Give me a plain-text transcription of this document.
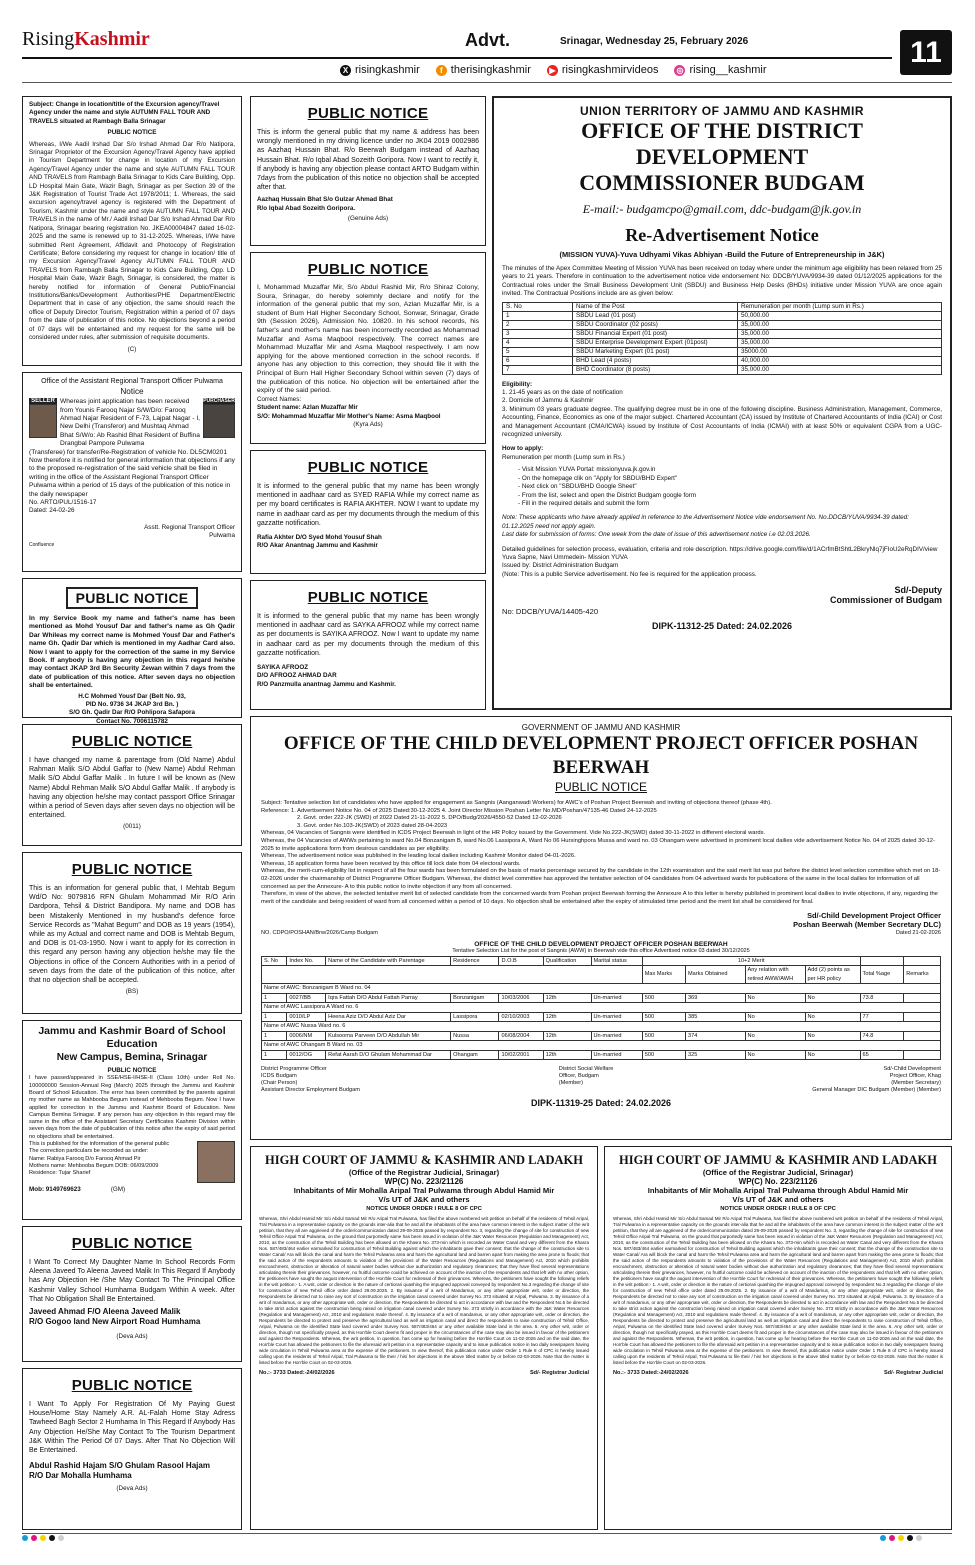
RisingKashmir	Advt.	Srinagar, Wednesday 25, February 2026	11
X risingkashmir	f therisingkashmir	▶ risingkashmirvideos ◎ rising__kashmir

Subject: Change in location/title of the Excursion agency/Travel Agency under the name and style AUTUMN FALL TOUR AND TRAVELS situated at Rambagh Balla Srinagar

PUBLIC NOTICE

Whereas, I/We Aadil Irshad Dar S/o Irshad Ahmad Dar R/o Natipora, Srinagar Proprietor of the Excursion Agency/Travel Agency have applied in Tourism Department for change in location of my Excursion Agency/Travel Agency under the name and style AUTUMN FALL TOUR AND TRAVELS from Rambagh Balla Srinagar to Kids Care Building, Opp. LD Hospital Main Gate, Wazir Bagh, Srinagar as per Section 39 of the J&K Registration of Tourist Trade Act 1978/2011; 1. Whereas, the said excursion agency/travel agency is registered with the Department of Tourism, Kashmir under the name and style AUTUMN FALL TOUR AND TRAVELS in the name of Mr./ Aadil Irshad Dar S/o Irshad Ahmad Dar R/o Natipora, Srinagar bearing registration No. JKEA00004847 dated 16-02-2025 and the same is renewed up to 31-12-2025. Whereas, I/We have submitted Rent Agreement, Affidavit and Photocopy of Registration Certificate; Before considering my request for change in location/ title of my Excursion Agency/Travel Agency AUTUMN FALL TOUR AND TRAVELS from Rambagh Balla Srinagar to Kids Care Building, Opp. LD Hospital Main Gate, Wazir Bagh, Srinagar, is considered, the matter is hereby notified for information of General Public/Financial Institutions/Banks/Development Authorities/PHE Department/Electric Department that in case of any objection, the same should reach the office of Deputy Director Tourism, Registration within a period of 07 days from the date of publication of this notice. No objections beyond a period of 07 days will be entertained and my request for the same will be considered under rules, after submission of requisite documents.

(C)

Office of the Assistant Regional Transport Officer Pulwama

Notice

SELLER Whereas joint application has been received from Younis Farooq Najar S/W/D/o: Farooq Ahmad Najar Resident of F-73, Lajpat Nagar - I, New Delhi (Transferor) and Mushtaq Ahmad Bhat S/W/o: Ab Rashid Bhat Resident of Buffina Drangbal Pampore Pulwama

PURCHASER

(Transferee) for transfer/Re-Registration of vehicle No. DL5CM0201 Now therefore it is notified for general information that objections if any to the proposed re-registration of the said vehicle shall be filed in writing in the office of the Assistant Regional Transport Officer Pulwama within a period of 15 days of the publication of this notice in the daily newspaper

No. ARTO/PUL/1516-17

Dated: 24-02-26

Asstt. Regional Transport Officer Pulwama

Confluence

PUBLIC NOTICE

In my Service Book my name and father's name has been mentioned as Mohd Yousuf Dar and father's name as Gh Qadir Dar Whileas my correct name is Mohmed Yousf Dar and Father's name Gh. Qadir Dar which is mentioned in my Aadhar Card also. Now I want to apply for the correction of the same in my Service Book. If anybody is having any objection in this regard he/she may contact JKAP 3rd Bn Security Zewan within 7 days from the date of publication of this notice. After seven days no objection shall be entertained.

H.C Mohmed Yousf Dar (Belt No. 93,

PID No. 9736 34 JKAP 3rd Bn. )

S/O Gh. Qadir Dar R/O Pohlipora Safapora

Contact No. 7006115782

PUBLIC NOTICE

I have changed my name & parentage from (Old Name) Abdul Rahman Malik S/O Abdul Gaffar to (New Name) Abdul Rehman Malik S/O Abdul Gaffar Malik . In future I will be known as (New Name) Abdul Rehman Malik S/O Abdul Gaffar Malik . If anybody is having any objection he/she may contact passport Office Srinagar within a period of Seven days after seven days no objection will be entertained.

(0011)

PUBLIC NOTICE

This is an information for general public that, I Mehtab Begum Wd/O No: 9079816 RFN Ghulam Mohammad Mir R/O Arin Dardpora, Tehsil & District Bandipora. My name and DOB has been Mistakenly Mentioned in my husband's defence force Service Records as "Mahat Begum" and DOB as 19 years (1954), while as my Actual and correct name and DOB is Mehtab Begum, and DOB is 01-03-1950. Now i want to apply for its correction in this regard any person having any objection he/she may file the Objections in office of the Concern Authorities with in a period of seven days from the date of the publication of this notice, after that no objection shall be accepted.

(BS)

Jammu and Kashmir Board of School Education

New Campus, Bemina, Srinagar

PUBLIC NOTICE

I have passed/appeared in SSE/HSE-I/HSE-II (Class 10th) under Roll No. 100000000 Session-Annual Reg (March) 2025 through the Jammu and Kashmir Board of School Education. The error has been committed by the parents against my mother name as Mahbooba Begum instead of Mehbooba Begum. Now I have applied for correction in the Jammu and Kashmir Board of Education. New Campus Bemina Srinagar. If any person has any objection in this regard may file same in the office of the Assistant Secretary Certificates Kashmir Division within seven days from the date of publication of this notice after the expiry of said period no objections shall be entertained.

This is published for the information of the general public

The correction particulars be recorded as under:

Name: Rabiya Farooq D/o Farooq Ahmad Pir

Mothers name: Mehbooba Begum DOB: 06/09/2009

Residence: Tujar Sharief

Mob: 9149769623	(GM)

PUBLIC NOTICE

I Want To Correct My Daughter Name In School Records Form Aleena Javeed To Aleena Javeed Malik In This Regard If Anybody has Any Objection He /She May Contact To The Principal Office Kashmir Valley School Humhama Budgam Within A week. After That No Obligation Shall Be Entertained.

Javeed Ahmad F/O Aleena Javeed Malik

R/O Gogoo land New Airport Road Humhama

(Deva Ads)

PUBLIC NOTICE

I Want To Apply For Registration Of My Paying Guest House/Home Stay Namely A.R. AL-Falah Home Stay Adress Tawheed Bagh Sector 2 Humhama In This Regard If Anybody Has Any Objection He/She May Contact To The Tourism Department J&K Within The Period Of 07 Days. After That No Objection Will Be Entertained.

Abdul Rashid Hajam S/O Ghulam Rasool Hajam

R/O Dar Mohalla Humhama

(Deva Ads)

PUBLIC NOTICE

This is inform the general public that my name & address has been wrongly mentioned in my driving licence under no JK04 2019 0002986 as Aazhaq Hussain Bhat. R/o Beerwah Budgam instead of Aazhaq Hussain Bhat. R/o Iqbal Abad Sozeith Goripora. Now I want to rectify it, If anybody is having any objection please contact ARTO Budgam within 7days from the publication of this notice no objection shall be accepted after that.

Aazhaq Hussain Bhat S/o Gulzar Ahmad Bhat

R/o Iqbal Abad Sozeith Goripora.

(Genuine Ads)

PUBLIC NOTICE

I, Mohammad Muzaffar Mir, S/o Abdul Rashid Mir, R/o Shiraz Colony, Soura, Srinagar, do hereby solemnly declare and notify for the information of the general public that my son, Azlan Muzaffar Mir, is a student of Bum Hall Higher Secondary School, Sonwar, Srinagar, Grade 9th (Session 2026), Admission No. 10820. In his school records, his father's and mother's name has been incorrectly recorded as Mohammad Muzaffar and Asma Maqbool respectively. The correct names are Mohammad Muzaffar Mir and Asma Maqbool respectively. I am now applying for the above mentioned correction in the school records. If anyone has any objection to this correction, they should file it with the Principal of Burn Hall Higher Secondary School within seven (7) days of the publication of this notice. No objection will be entertained after the expiry of the said period.

Correct Names:

Student name: Azlan Muzaffar Mir

S/O: Mohammad Muzaffar Mir Mother's Name: Asma Maqbool

(Kyra Ads)

PUBLIC NOTICE

It is informed to the general public that my name has been wrongly mentioned in aadhaar card as SYED RAFIA While my correct name as per my board certificates is RAFIA AKHTER. NOW I want to update my name in aadhaar card as per my documents through the medium of this gazzatte notification.

Rafia Akhter D/O Syed Mohd Yousuf Shah

R/O Akar Anantnag Jammu and Kashmir

PUBLIC NOTICE

It is informed to the general public that my name has been wrongly mentioned in aadhaar card as SAYKA AFROOZ while my correct name as per documents is SAYIKA AFROOZ. Now I want to update my name in aadhaar card as per my documents through the medium of this gazzatte notification.

SAYIKA AFROOZ

D/O AFROOZ AHMAD DAR

R/O Panzmulla anantnag Jammu and Kashmir.

UNION TERRITORY OF JAMMU AND KASHMIR

OFFICE OF THE DISTRICT DEVELOPMENT

COMMISSIONER BUDGAM

E-mail:- budgamcpo@gmail.com, ddc-budgam@jk.gov.in

Re-Advertisement Notice

(MISSION YUVA)-Yuva Udhyami Vikas Abhiyan -Build the Future of Entrepreneurship in J&K)

The minutes of the Apex Committee Meeting of Mission YUVA has been received on today where under the minimum age eligibility has been relaxed from 25 years to 21 years. Therefore in continuation to the advertisement notice vide endorsement No: DDCB/YUVA/9934-39 dated 01/12/2025 applications for the Contractual roles under the Small Business Development Unit (SBDU) and Business Help Desks (BHDs) initiative under Mission YUVA are once again invited. The Contractual Positions include are as given below:

S. No	Name of the Post	Remuneration per month (Lump sum in Rs.)
1	SBDU Lead (01 post)	50,000.00
2	SBDU Coordinator (02 posts)	35,000.00
3	SBDU Financial Expert (01 post)	35,000.00
4	SBDU Enterprise Development Expert (01post)	35,000.00
5	SBDU Marketing Expert (01 post)	35000.00
6	BHD Lead (4 posts)	40,000.00
7	BHD Coordinator (8 posts)	35,000.00

Eligibility:

1. 21-45 years as on the date of notification

2. Domicile of Jammu & Kashmir

3. Minimum 03 years graduate degree. The qualifying degree must be in one of the following discipline. Business Administration, Management, Commerce, Accounting, Finance, Economics as one of the major subject. Chartered Accountant (CA) issued by Institute of Chartered Accountants of India (ICAI) or Cost and Management Accountant (CMA/ICWA) issued by Institute of Cost Accountants of India (ICMAI) with at least 50% or equivalent CGPA from a UGC-recognized university.

How to apply:

Remuneration per month (Lump sum in Rs.)

- Visit Mission YUVA Portal: missionyuva.jk.gov.in

- On the homepage clik on "Apply for SBDU/BHD Expert"

- Next click on "SBDU/BHD Google Sheet"

- From the list, select and open the District Budgam google form

- Fill in the required details and submit the form

Note: These applicants who have already applied in reference to the Advertisement Notice vide endorsement No. No.DDCB/YUVA/9934-39 dated: 01.12.2025 need not apply again.

Last date for submission of forms: One week from the date of issue of this advertisement notice i.e 02.03.2026.

Detailed guidelines for selection process, evaluation, criteria and role description. https://drive.google.com/file/d/1ACrfmBtShtL2BkryNlq7jFIoU2eRqDIV/view

Yuva Sapne, Navi Ummedein- Mission YUVA

Issued by: District Administration Budgam

(Note: This is a public Service advertisement. No fee is required for the application process.

Sd/-Deputy

Commissioner of Budgam

No: DDCB/YUVA/14405-420

DIPK-11312-25 Dated: 24.02.2026

GOVERNMENT OF JAMMU AND KASHMIR

OFFICE OF THE CHILD DEVELOPMENT PROJECT OFFICER POSHAN BEERWAH

PUBLIC NOTICE

Subject: Tentative selection list of candidates who have applied for engagement as Sangnis (Aanganwadi Workers) for AWC's of Poshan Project Beerwah and inviting of objections thereof (phase 4th).

Reference: 1. Advertisement Notice No. 04 of 2025 Dated:30-12-2025 4. Joint Director Mission Poshan Letter No.MD/Poshan/47135-46 Dated 24-12-2025

2. Govt. order 222-JK (SWD) of 2022 Dated 21-11-2022 5. DPO/Budg/2026/4550-52 Dated 12-02-2026

3. Govt. order No.103-JK(SWD) of 2023 dated 28-04-2023

Whereas, 04 Vacancies of Sangnis were identified in ICDS Project Beerwah in light of the HR Policy issued by the Government. Vide No.222-JK(SWD) dated 30-11-2022 in different electoral wards.

Whereas, the 04 Vacancies of AWWs pertaining to ward No.04 Bonzanigam B, ward No.06 Lassipora A, Ward No 06 Hursinghpora Mussa and ward no. 03 Ohangam were advertised in prominent local dailies vide advertisement Notice No. 04 of 2025 dated 30-12-2025 to invite applications form from desirous candidates as per eligibility.

Whereas, The advertisement notice was published in the leading local dailies including Kashmir Monitor dated 04-01-2026.

Whereas, 18 application forms have been received by this office till lock date from 04 electoral wards.

Whereas, the merit-cum-eligibility list in respect of all the four wards has been formulated on the basis of marks percentage secured by the candidate in the 12th examination and the said merit list was put before the district level selection committee which met on 18-02-2026 under the chairmanship of District Programme Officer Budgam. Whereas, the district level committee has approved the tentative selection of 04 candidates from 04 advertised wards for publications of the same in the local dailies for information of all concerned as per the Annexure- A to this public notice to invite objection if any from all concerned.

Therefore, in view of the above, the selected tentative merit list of selected candidate from the concerned wards from Poshan project Beerwah forming the Annexure A to this letter is hereby published in prominent local dailies to invite objections, if any, regarding the merit of the candidate and being resident of ward from all concerned within a period of 10 days. No objection shall be entertained after the expiry of stimulated time period and the merit list shall be considered for final.

Sd/-Child Development Project Officer

Poshan Beerwah (Member Secretary DLC)

NO. CDPO/POSHAN/Brw/2026/Camp Budgam	Dated 21-02-2026

OFFICE OF THE CHILD DEVELOPMENT PROJECT OFFICER POSHAN BEERWAH

Tentative Selection List for the post of Sangnis (AWW) in Beerwah vide this office Advertised notice 03 dated 30/12/2025

S. No	Index No.	Name of the Candidate with Parentage	Residence	D.O.B	Qualification	Marital status	10+2 Merit					
							Max Marks	Marks Obtained	Any relation with retired AWW/AWH	Add (2) points as per HR policy	Total %age	Remarks
Name of AWC: Bonzanigam B Ward no. 04												
1	0027/BB	Iqra Fattah D/O Abdul Fattah Parray	Bonzanigam	10/03/2006	12th	Un-married	500	369	No	No	73.8	
Name of AWC Lassipora A Ward no. 6												
1	0010/LP	Heena Aziz D/O Abdul Aziz Dar	Lassipora	02/10/2003	12th	Un-married	500	385	No	No	77	
Name of AWC Nussa Ward no. 6												
1	0006/NM	Kulsooma Parveen D/O Abdullah Mir	Nussa	06/08/2004	12th	Un-married	500	374	No	No	74.8	
Name of AWC Ohangam B Ward no. 03												
1	0012/OG	Refat Aarah D/O Ghulam Mohammad Dar	Ohangam	10/02/2001	12th	Un-married	500	325	No	No	65	

District Programme Officer

ICDS Budgam

(Chair Person)

Assistant Director Employment Budgam

District Social Welfare

Officer, Budgam

(Member)

Sd/-Child Development

Project Officer, Khag

(Member Secretary)

General Manager DIC Budgam (Member) (Member)

DIPK-11319-25 Dated: 24.02.2026

HIGH COURT OF JAMMU & KASHMIR AND LADAKH

(Office of the Registrar Judicial, Srinagar)

WP(C) No. 223/21126

Inhabitants of Mir Mohalla Aripal Tral Pulwama through Abdul Hamid Mir

V/s UT of J&K and others

NOTICE UNDER ORDER I RULE 8 OF CPC

Whereas, Shri Abdul Hamid Mir S/o Abdul Samad Mir R/o Aripal Tral Pulwama, has filed the above numbered writ petition on behalf of the residents of Tehsil Aripal, Tral Pulwama in a representative capacity on the grounds inter-alia that he and all the inhabitants of the area have common interest in the subject matter of the writ petition, that they all are aggrieved of the order/communication dated 29-09-2025 passed by respondent No. 3, regarding the change of site for construction of new Tehsil Office Aripal Tral Pulwama, on the ground that purportedly same has been issued in violation of the J&K Water Resources (Regulation and Management) Act, 2010, as the construction of the Tehsil Building has been allowed on the Khasra No. 373-min which is recorded as Water Canal and very different from the Khasra Nos. 587/483/464 earlier earmarked for construction of Tehsil Building against which the inhabitants gave their consent; that the change of the construction site to Water Canal/ Ara will block the canal and harm the Tehsil Pulwama area and harm the agricultural land and barren apart from making the area prone to floods; that the said action of the respondents amounts to violation of the provisions of the Water Resources (Regulations and Management) Act, 2010 which prohibits encroachment, obstruction or alteration of natural water bodies without due authorization and regulatory clearances; that they have filed several representations articulating therein their grievances, however, no fruitful outcome could be achieved on account of the inaction of the respondents and that left with no other option, the petitioners have sought the august intervention of the Hon'ble Court for redressal of their grievances. Whereas, the petitioners have sought the following reliefs in the writ petition:- 1. A writ, order or direction in the nature of certiorari quashing the impugned approval conveyed by respondent No.3 regarding the change of site for construction of new Tehsil office order dated 29.09.2025. 2. By issuance of a writ of Mandamus, or any other appropriate writ, order or direction, the Respondents be directed not to raise any sort of construction on the irrigation canal covered under Survey No. 373 situated at Aripal, Pulwama. 3. By issuance of a writ of mandamus, or any other appropriate writ, order or direction, the Respondents be directed to act in accordance with law and the Respondent No.5 be directed to take strict action against the construction being raised on irrigation canal covered under Survey No. 373 strictly in accordance with the J&K Water Resources (Regulation and Management) Act, 2010 and regulations made thereof. 4. By issuance of a writ of mandamus, or any other appropriate writ, order or direction, the Respondents be directed to protect and preserve the agricultural land as well as irrigation canal and direct the respondents to raise construction of Tehsil Office, Aripal, Pulwama on the identified State land covered under Survey Nos. 587/483/464 or any other available State land in the area. 5. Any other writ, order or direction, though not specifically prayed, as this Hon'ble Court deems fit and proper in the circumstances of the case may also be issued in favour of the petitioners and against the Respondents. Whereas, the writ petition, in question, has come up for hearing before the Hon'ble Court on 11-02-2026 and on the said date, the Hon'ble Court has allowed the petitioners to file the aforesaid writ petition in a representative capacity and to issue publication notice in two daily newspapers having wide circulation in Tehsil Pulwama area at the expense of the petitioners. In view thereof, this publication notice under Order 1 Rule 8 of CPC is hereby issued calling upon the residents of Tehsil Aripal, Tral Pulwama to file their / his/ her objections in the above titled matter by or before 02-03-2026. Note that the matter is listed before the Hon'ble Court on 02-03-2026.

No.:- 3733 Dated:-24/02/2026	Sd/- Registrar Judicial

HIGH COURT OF JAMMU & KASHMIR AND LADAKH

(Office of the Registrar Judicial, Srinagar)

WP(C) No. 223/21126

Inhabitants of Mir Mohalla Aripal Tral Pulwama through Abdul Hamid Mir

V/s UT of J&K and others

NOTICE UNDER ORDER I RULE 8 OF CPC

Whereas, Shri Abdul Hamid Mir S/o Abdul Samad Mir R/o Aripal Tral Pulwama, has filed the above numbered writ petition on behalf of the residents of Tehsil Aripal, Tral Pulwama in a representative capacity on the grounds inter-alia that he and all the inhabitants of the area have common interest in the subject matter of the writ petition, that they all are aggrieved of the order/communication dated 29-09-2025 passed by respondent No. 3, regarding the change of site for construction of new Tehsil Office Aripal Tral Pulwama, on the ground that purportedly same has been issued in violation of the J&K Water Resources (Regulation and Management) Act, 2010, as the construction of the Tehsil Building has been allowed on the Khasra No. 373-min which is recorded as Water Canal and very different from the Khasra Nos. 587/483/464 earlier earmarked for construction of Tehsil Building against which the inhabitants gave their consent; that the change of the construction site to Water Canal/ Ara will block the canal and harm the Tehsil Pulwama area and harm the agricultural land and barren apart from making the area prone to floods; that the said action of the respondents amounts to violation of the provisions of the Water Resources (Regulations and Management) Act, 2010 which prohibits encroachment, obstruction or alteration of natural water bodies without due authorization and regulatory clearances; that they have filed several representations articulating therein their grievances, however, no fruitful outcome could be achieved on account of the inaction of the respondents and that left with no other option, the petitioners have sought the august intervention of the Hon'ble Court for redressal of their grievances. Whereas, the petitioners have sought the following reliefs in the writ petition:- 1. A writ, order or direction in the nature of certiorari quashing the impugned approval conveyed by respondent No.3 regarding the change of site for construction of new Tehsil office order dated 29.09.2025. 2. By issuance of a writ of Mandamus, or any other appropriate writ, order or direction, the Respondents be directed not to raise any sort of construction on the irrigation canal covered under Survey No. 373 situated at Aripal, Pulwama. 3. By issuance of a writ of mandamus, or any other appropriate writ, order or direction, the Respondents be directed to act in accordance with law and the Respondent No.5 be directed to take strict action against the construction being raised on irrigation canal covered under Survey No. 373 strictly in accordance with the J&K Water Resources (Regulation and Management) Act, 2010 and regulations made thereof. 4. By issuance of a writ of mandamus, or any other appropriate writ, order or direction, the Respondents be directed to protect and preserve the agricultural land as well as irrigation canal and direct the respondents to raise construction of Tehsil Office, Aripal, Pulwama on the identified State land covered under Survey Nos. 587/483/464 or any other available State land in the area. 5. Any other writ, order or direction, though not specifically prayed, as this Hon'ble Court deems fit and proper in the circumstances of the case may also be issued in favour of the petitioners and against the Respondents. Whereas, the writ petition, in question, has come up for hearing before the Hon'ble Court on 11-02-2026 and on the said date, the Hon'ble Court has allowed the petitioners to file the aforesaid writ petition in a representative capacity and to issue publication notice in two daily newspapers having wide circulation in Tehsil Pulwama area at the expense of the petitioners. In view thereof, this publication notice under Order 1 Rule 8 of CPC is hereby issued calling upon the residents of Tehsil Aripal, Tral Pulwama to file their / his/ her objections in the above titled matter by or before 02-03-2026. Note that the matter is listed before the Hon'ble Court on 02-03-2026.

No.:- 3733 Dated:-24/02/2026	Sd/- Registrar Judicial
